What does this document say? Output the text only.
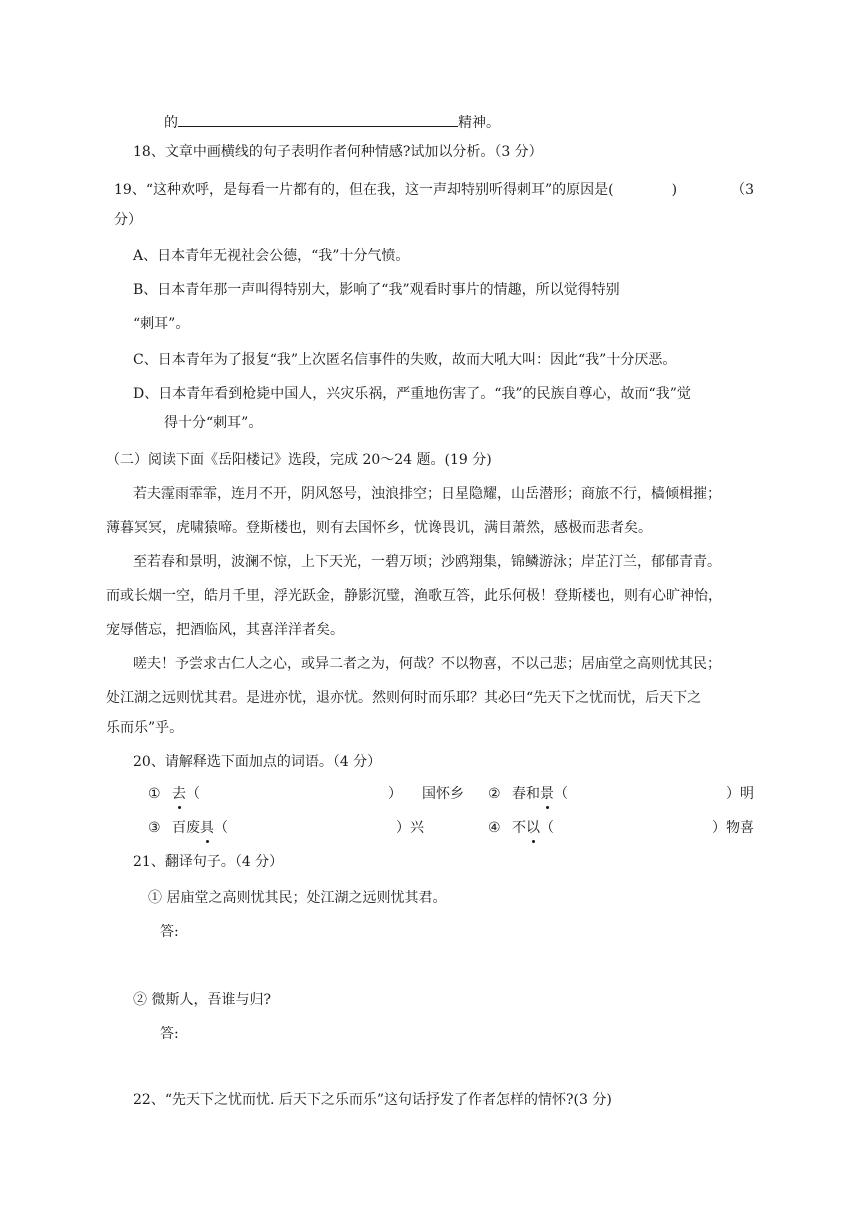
的	精神。
18、文章中画横线的句子表明作者何种情感?试加以分析。（3 分）
19、“这种欢呼，是每看一片都有的，但在我，这一声却特别听得刺耳”的原因是(	)	（3
分）
A、日本青年无视社会公德，“我”十分气愤。
B、日本青年那一声叫得特别大，影响了“我”观看时事片的情趣，所以觉得特别
“刺耳”。
C、日本青年为了报复“我”上次匿名信事件的失败，故而大吼大叫：因此“我”十分厌恶。
D、日本青年看到枪毙中国人，兴灾乐祸，严重地伤害了。“我”的民族自尊心，故而“我”觉
得十分“刺耳”。
（二）阅读下面《岳阳楼记》选段，完成 20～24 题。(19 分)
若夫霪雨霏霏，连月不开，阴风怒号，浊浪排空；日星隐耀，山岳潜形；商旅不行，樯倾楫摧；
薄暮冥冥，虎啸猿啼。登斯楼也，则有去国怀乡，忧谗畏讥，满目萧然，感极而悲者矣。
至若春和景明，波澜不惊，上下天光，一碧万顷；沙鸥翔集，锦鳞游泳；岸芷汀兰，郁郁青青。
而或长烟一空，皓月千里，浮光跃金，静影沉璧，渔歌互答，此乐何极！登斯楼也，则有心旷神怡，
宠辱偕忘，把酒临风，其喜洋洋者矣。
嗟夫！予尝求古仁人之心，或异二者之为，何哉？不以物喜，不以己悲；居庙堂之高则忧其民；
处江湖之远则忧其君。是进亦忧，退亦忧。然则何时而乐耶？其必曰“先天下之忧而忧，后天下之
乐而乐”乎。
20、请解释选下面加点的词语。（4 分）
① 去 （	） 国怀乡 ② 春和 景 （	） 明
③ 百废 具 （	） 兴	④ 不 以 （	） 物喜
21、翻译句子。（4 分）
① 居庙堂之高则忧其民；处江湖之远则忧其君。
答:
② 微斯人，吾谁与归?
答:
22、“先天下之忧而忧. 后天下之乐而乐”这句话抒发了作者怎样的情怀?(3 分)
